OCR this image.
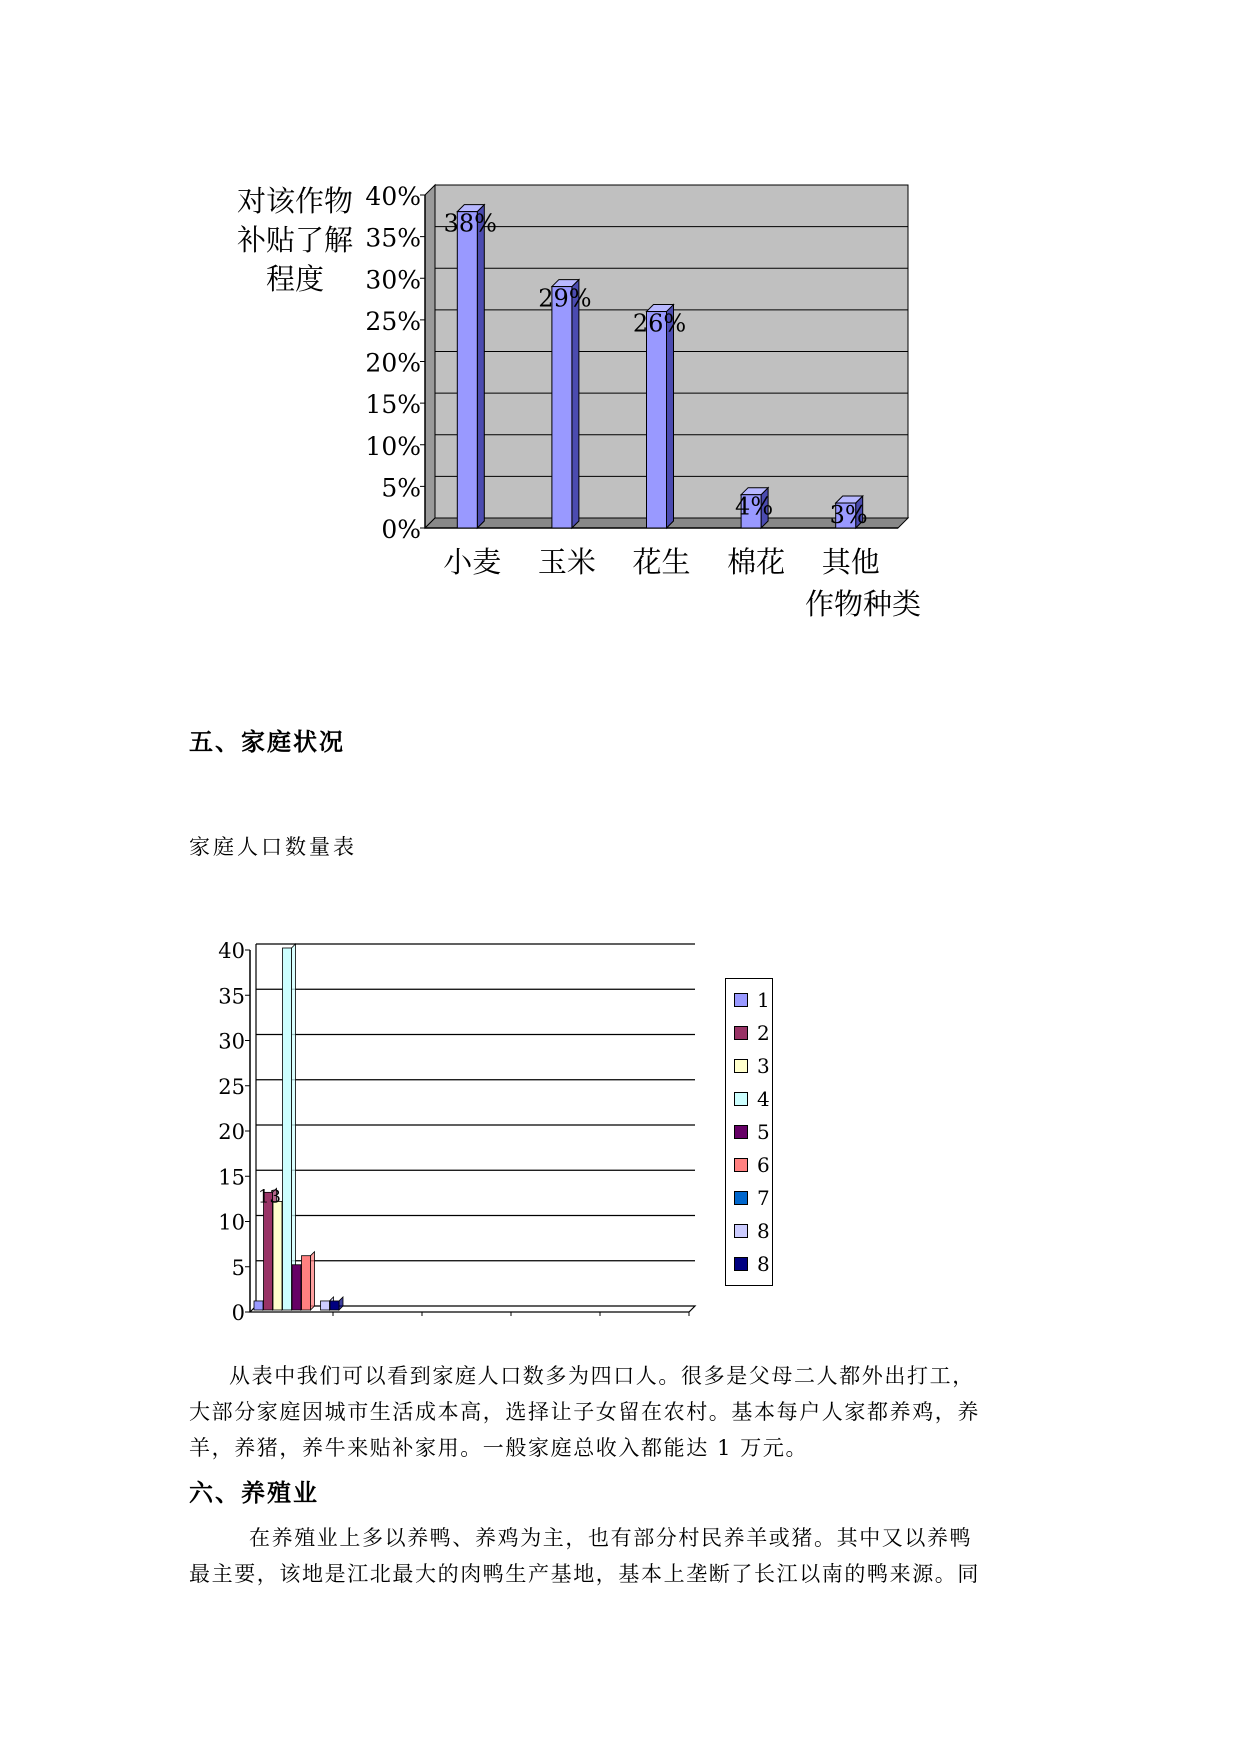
对该作物
补贴了解
程度
40%
35%
30%
25%
20%
15%
10%
5%
0%
38%
小麦
29%
玉米
26%
花生
4%
棉花
3%
其他
作物种类
五、家庭状况
家庭人口数量表
40
35
30
25
20
15
10
5
0
13
1
2
3
4
5
6
7
8
8
从表中我们可以看到家庭人口数多为四口人。很多是父母二人都外出打工，
大部分家庭因城市生活成本高，选择让子女留在农村。基本每户人家都养鸡，养
羊，养猪，养牛来贴补家用。一般家庭总收入都能达 1 万元。
六、养殖业
在养殖业上多以养鸭、养鸡为主，也有部分村民养羊或猪。其中又以养鸭
最主要，该地是江北最大的肉鸭生产基地，基本上垄断了长江以南的鸭来源。同
